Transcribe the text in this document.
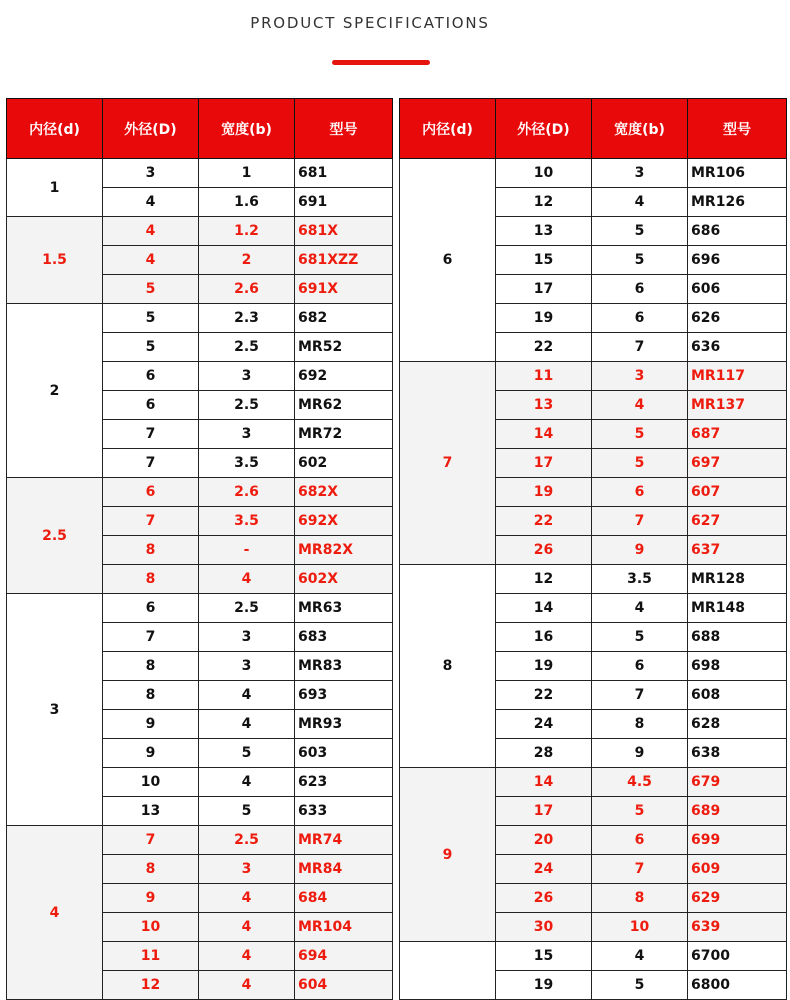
PRODUCT SPECIFICATIONS
内径(d)	外径(D)	宽度(b)	型号
1	3	1	681
	4	1.6	691
1.5	4	1.2	681X
	4	2	681XZZ
	5	2.6	691X
2	5	2.3	682
	5	2.5	MR52
	6	3	692
	6	2.5	MR62
	7	3	MR72
	7	3.5	602
2.5	6	2.6	682X
	7	3.5	692X
	8	-	MR82X
	8	4	602X
3	6	2.5	MR63
	7	3	683
	8	3	MR83
	8	4	693
	9	4	MR93
	9	5	603
	10	4	623
	13	5	633
4	7	2.5	MR74
	8	3	MR84
	9	4	684
	10	4	MR104
	11	4	694
	12	4	604
内径(d)	外径(D)	宽度(b)	型号
6	10	3	MR106
	12	4	MR126
	13	5	686
	15	5	696
	17	6	606
	19	6	626
	22	7	636
7	11	3	MR117
	13	4	MR137
	14	5	687
	17	5	697
	19	6	607
	22	7	627
	26	9	637
8	12	3.5	MR128
	14	4	MR148
	16	5	688
	19	6	698
	22	7	608
	24	8	628
	28	9	638
9	14	4.5	679
	17	5	689
	20	6	699
	24	7	609
	26	8	629
	30	10	639
	15	4	6700
	19	5	6800
